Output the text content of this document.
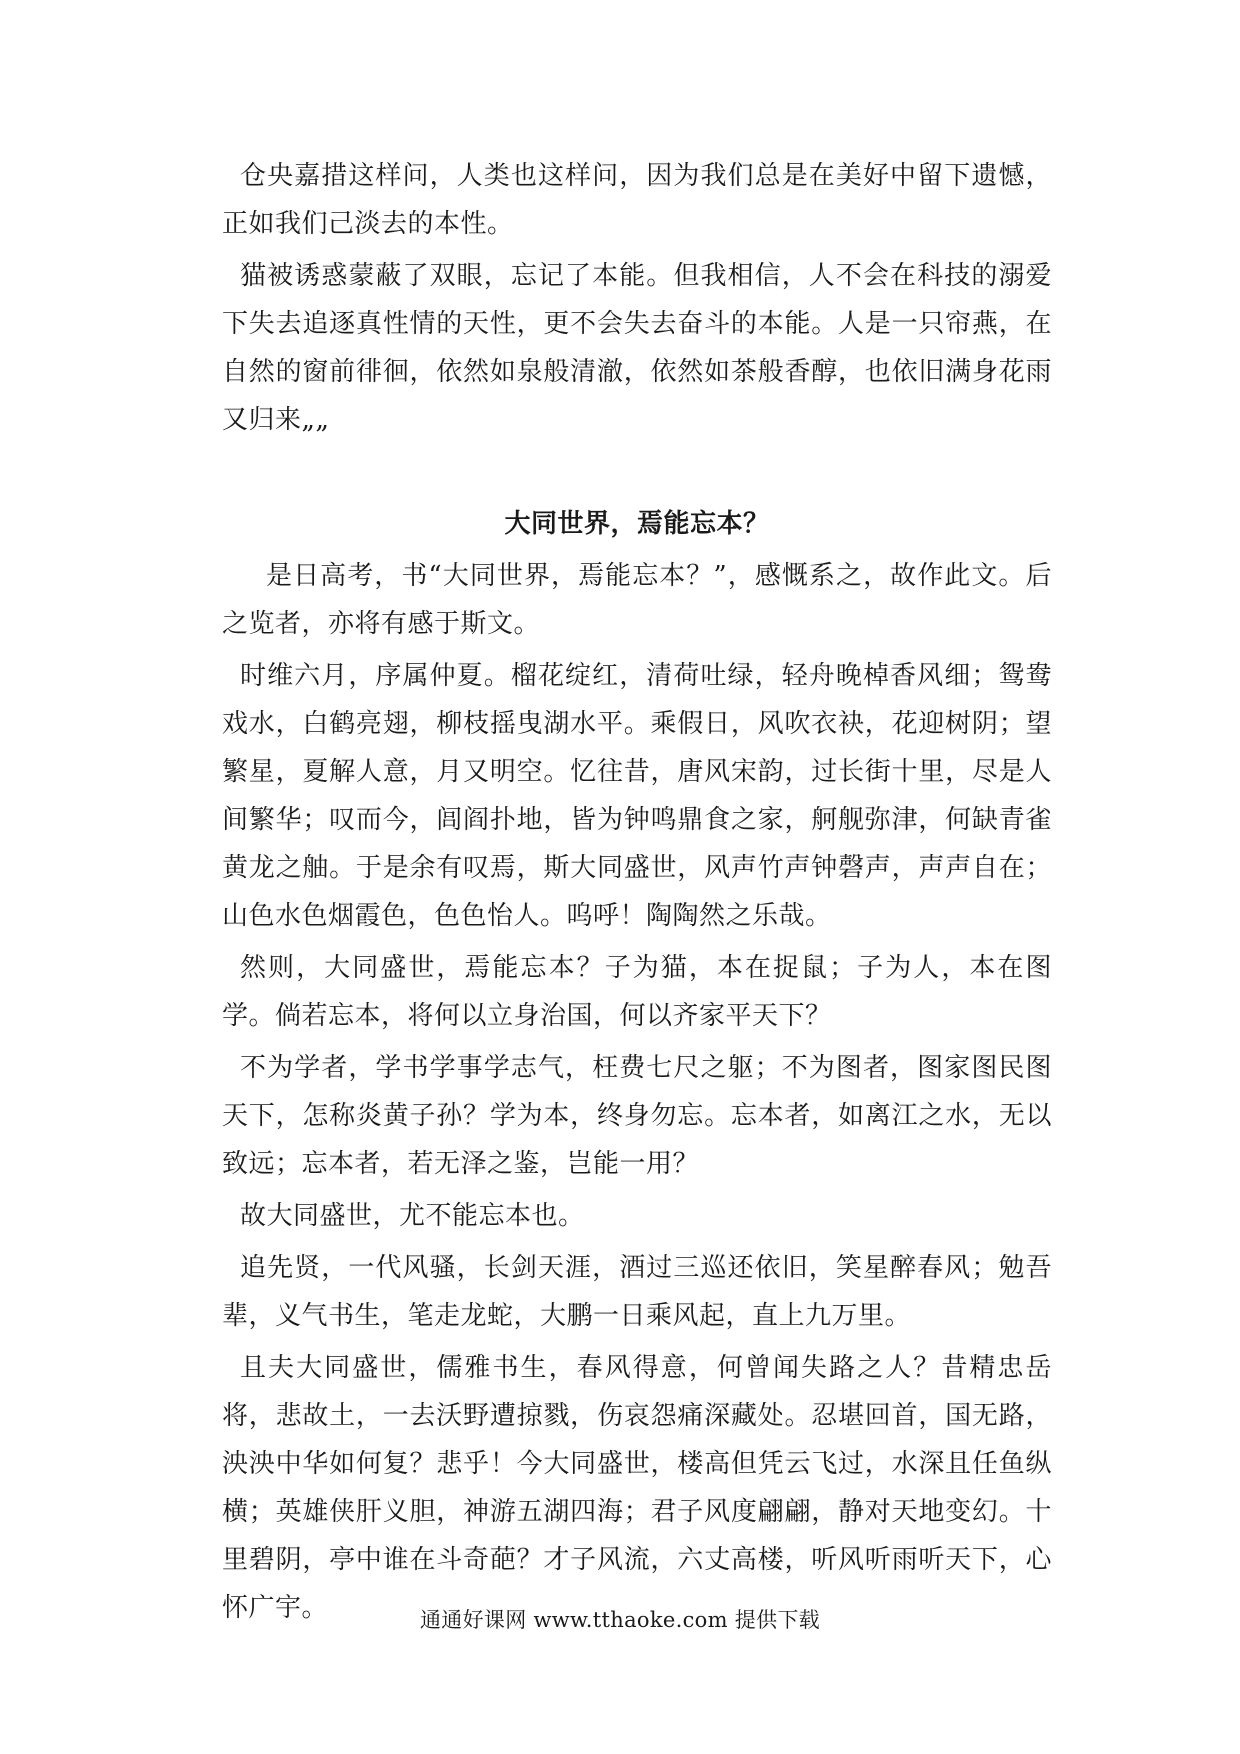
仓央嘉措这样问，人类也这样问，因为我们总是在美好中留下遗憾，正如我们己淡去的本性。

猫被诱惑蒙蔽了双眼，忘记了本能。但我相信，人不会在科技的溺爱下失去追逐真性情的天性，更不会失去奋斗的本能。人是一只帘燕，在自然的窗前徘徊，依然如泉般清澈，依然如茶般香醇，也依旧满身花雨又归来„„

大同世界，焉能忘本？

是日高考，书“大同世界，焉能忘本？”，感慨系之，故作此文。后之览者，亦将有感于斯文。

时维六月，序属仲夏。榴花绽红，清荷吐绿，轻舟晚棹香风细；鸳鸯戏水，白鹤亮翅，柳枝摇曳湖水平。乘假日，风吹衣袂，花迎树阴；望繁星，夏解人意，月又明空。忆往昔，唐风宋韵，过长街十里，尽是人间繁华；叹而今，闾阎扑地，皆为钟鸣鼎食之家，舸舰弥津，何缺青雀黄龙之舳。于是余有叹焉，斯大同盛世，风声竹声钟磬声，声声自在；山色水色烟霞色，色色怡人。呜呼！陶陶然之乐哉。

然则，大同盛世，焉能忘本？子为猫，本在捉鼠；子为人，本在图学。倘若忘本，将何以立身治国，何以齐家平天下？

不为学者，学书学事学志气，枉费七尺之躯；不为图者，图家图民图天下，怎称炎黄子孙？学为本，终身勿忘。忘本者，如离江之水，无以致远；忘本者，若无泽之鉴，岂能一用？

故大同盛世，尤不能忘本也。

追先贤，一代风骚，长剑天涯，酒过三巡还依旧，笑星醉春风；勉吾辈，义气书生，笔走龙蛇，大鹏一日乘风起，直上九万里。

且夫大同盛世，儒雅书生，春风得意，何曾闻失路之人？昔精忠岳将，悲故土，一去沃野遭掠戮，伤哀怨痛深藏处。忍堪回首，国无路，泱泱中华如何复？悲乎！今大同盛世，楼高但凭云飞过，水深且任鱼纵横；英雄侠肝义胆，神游五湖四海；君子风度翩翩，静对天地变幻。十里碧阴，亭中谁在斗奇葩？才子风流，六丈高楼，听风听雨听天下，心怀广宇。	通通好课网 www.tthaoke.com 提供下载
